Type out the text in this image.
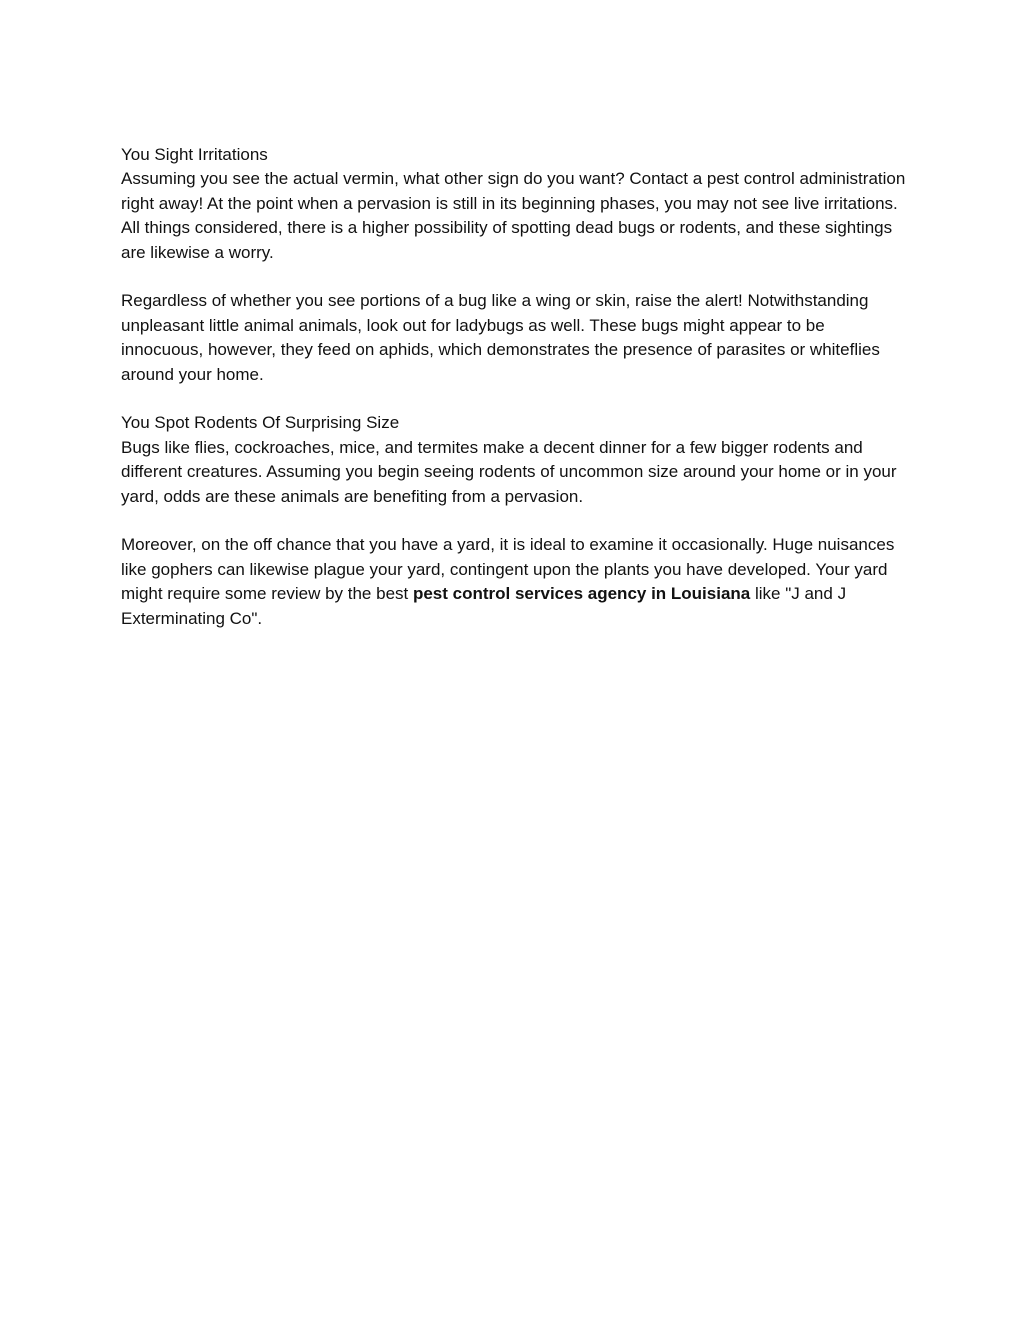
You Sight Irritations
Assuming you see the actual vermin, what other sign do you want? Contact a pest control administration right away! At the point when a pervasion is still in its beginning phases, you may not see live irritations. All things considered, there is a higher possibility of spotting dead bugs or rodents, and these sightings are likewise a worry.

Regardless of whether you see portions of a bug like a wing or skin, raise the alert! Notwithstanding unpleasant little animal animals, look out for ladybugs as well. These bugs might appear to be innocuous, however, they feed on aphids, which demonstrates the presence of parasites or whiteflies around your home.

You Spot Rodents Of Surprising Size
Bugs like flies, cockroaches, mice, and termites make a decent dinner for a few bigger rodents and different creatures. Assuming you begin seeing rodents of uncommon size around your home or in your yard, odds are these animals are benefiting from a pervasion.

Moreover, on the off chance that you have a yard, it is ideal to examine it occasionally. Huge nuisances like gophers can likewise plague your yard, contingent upon the plants you have developed. Your yard might require some review by the best pest control services agency in Louisiana like "J and J Exterminating Co".
